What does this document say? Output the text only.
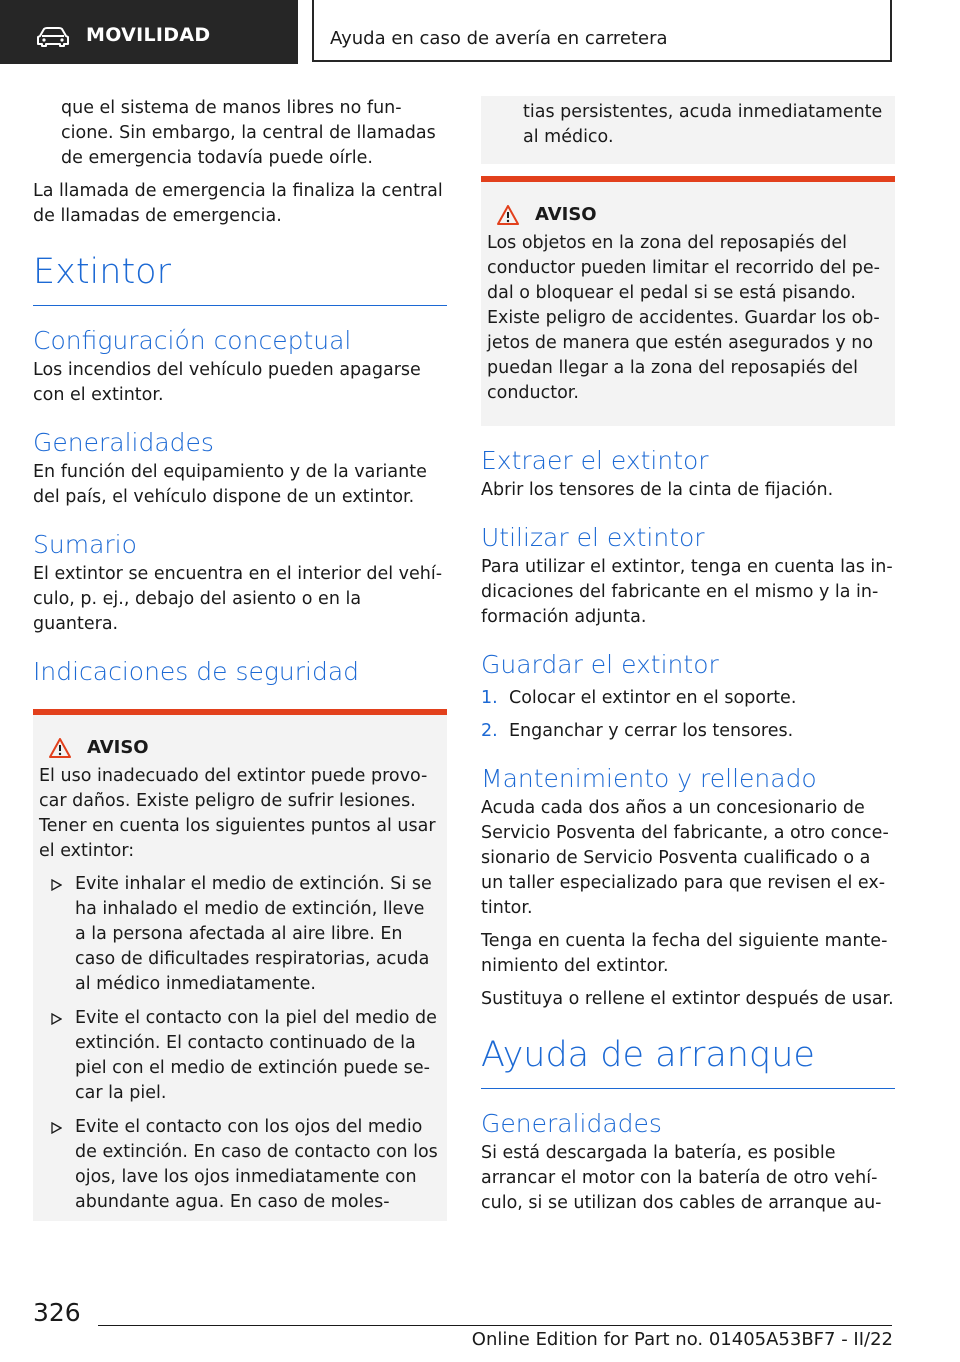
MOVILIDAD	Ayuda en caso de avería en carretera

que el sistema de manos libres no fun-cione. Sin embargo, la central de llamadas de emergencia todavía puede oírle.

La llamada de emergencia la finaliza la central de llamadas de emergencia.

Extintor
Configuración conceptual

Los incendios del vehículo pueden apagarse con el extintor.

Generalidades

En función del equipamiento y de la variante del país, el vehículo dispone de un extintor.

Sumario

El extintor se encuentra en el interior del vehí-culo, p. ej., debajo del asiento o en la guantera.

Indicaciones de seguridad
AVISO

El uso inadecuado del extintor puede provo-car daños. Existe peligro de sufrir lesiones. Tener en cuenta los siguientes puntos al usar el extintor:

Evite inhalar el medio de extinción. Si se ha inhalado el medio de extinción, lleve a la persona afectada al aire libre. En caso de dificultades respiratorias, acuda al médico inmediatamente.
Evite el contacto con la piel del medio de extinción. El contacto continuado de la piel con el medio de extinción puede se-car la piel.
Evite el contacto con los ojos del medio de extinción. En caso de contacto con los ojos, lave los ojos inmediatamente con abundante agua. En caso de moles-

tias persistentes, acuda inmediatamente al médico.

AVISO

Los objetos en la zona del reposapiés del conductor pueden limitar el recorrido del pe-dal o bloquear el pedal si se está pisando. Existe peligro de accidentes. Guardar los ob-jetos de manera que estén asegurados y no puedan llegar a la zona del reposapiés del conductor.

Extraer el extintor

Abrir los tensores de la cinta de fijación.

Utilizar el extintor

Para utilizar el extintor, tenga en cuenta las in-dicaciones del fabricante en el mismo y la in-formación adjunta.

Guardar el extintor
1. Colocar el extintor en el soporte.
2. Enganchar y cerrar los tensores.
Mantenimiento y rellenado

Acuda cada dos años a un concesionario de Servicio Posventa del fabricante, a otro conce-sionario de Servicio Posventa cualificado o a un taller especializado para que revisen el ex-tintor.

Tenga en cuenta la fecha del siguiente mante-nimiento del extintor.

Sustituya o rellene el extintor después de usar.

Ayuda de arranque
Generalidades

Si está descargada la batería, es posible arrancar el motor con la batería de otro vehí-culo, si se utilizan dos cables de arranque au-

326
Online Edition for Part no. 01405A53BF7 - II/22
